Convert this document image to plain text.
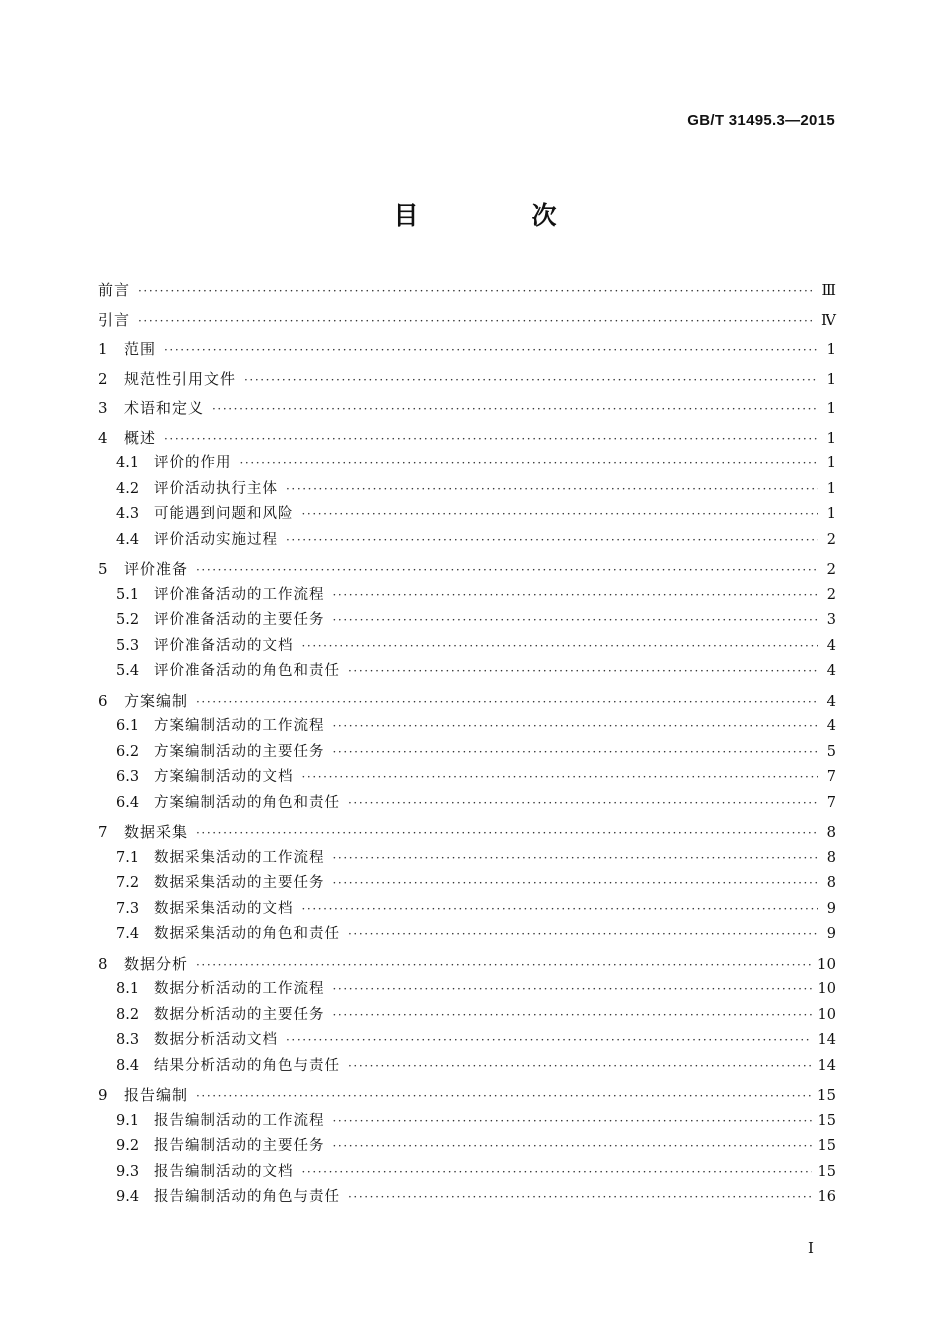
GB/T 31495.3—2015
目　次
前言 ·····	Ⅲ
引言 ·····	Ⅳ
1	范围 ·····	1
2	规范性引用文件 ·····	1
3	术语和定义 ·····	1
4	概述 ·····	1
4.1	评价的作用 ·····	1
4.2	评价活动执行主体 ·····	1
4.3	可能遇到问题和风险 ·····	1
4.4	评价活动实施过程 ·····	2
5	评价准备 ·····	2
5.1	评价准备活动的工作流程 ·····	2
5.2	评价准备活动的主要任务 ·····	3
5.3	评价准备活动的文档 ·····	4
5.4	评价准备活动的角色和责任 ·····	4
6	方案编制 ·····	4
6.1	方案编制活动的工作流程 ·····	4
6.2	方案编制活动的主要任务 ·····	5
6.3	方案编制活动的文档 ·····	7
6.4	方案编制活动的角色和责任 ·····	7
7	数据采集 ·····	8
7.1	数据采集活动的工作流程 ·····	8
7.2	数据采集活动的主要任务 ·····	8
7.3	数据采集活动的文档 ·····	9
7.4	数据采集活动的角色和责任 ·····	9
8	数据分析 ·····	10
8.1	数据分析活动的工作流程 ·····	10
8.2	数据分析活动的主要任务 ·····	10
8.3	数据分析活动文档 ·····	14
8.4	结果分析活动的角色与责任 ·····	14
9	报告编制 ·····	15
9.1	报告编制活动的工作流程 ·····	15
9.2	报告编制活动的主要任务 ·····	15
9.3	报告编制活动的文档 ·····	15
9.4	报告编制活动的角色与责任 ·····	16
I
